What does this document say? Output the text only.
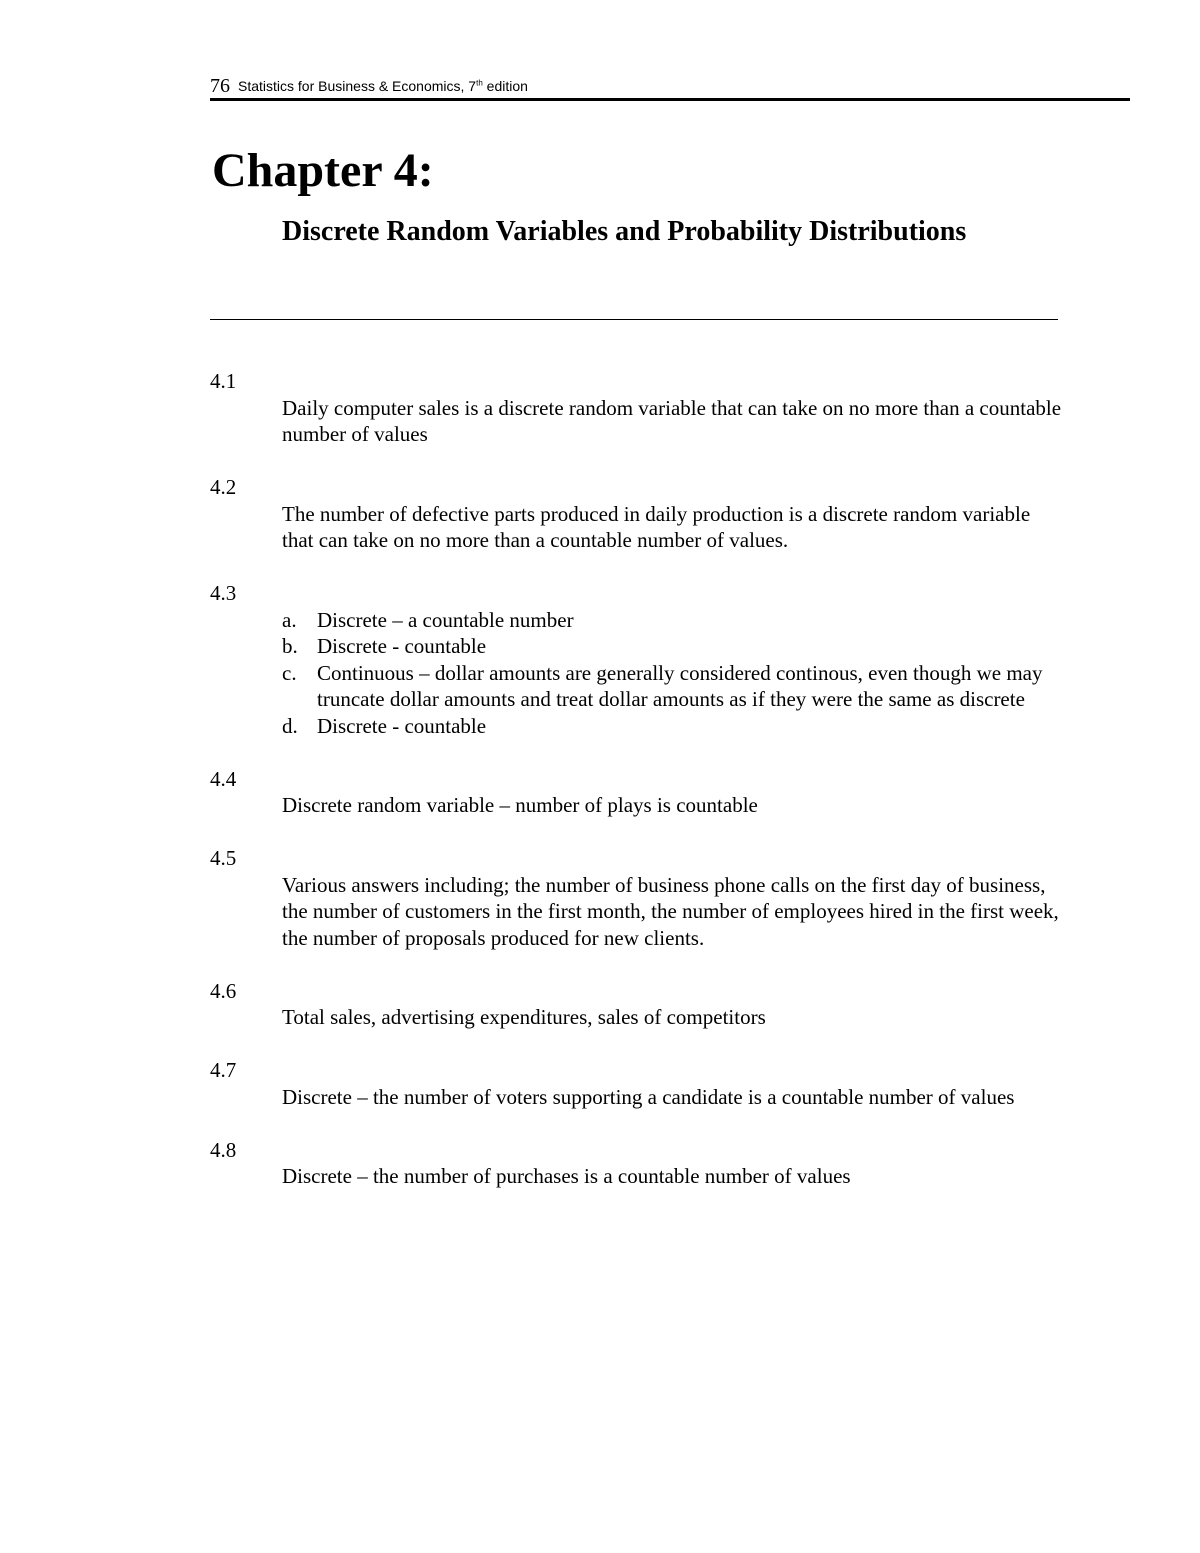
76 Statistics for Business & Economics, 7th edition
Chapter 4:
Discrete Random Variables and Probability Distributions
4.1
Daily computer sales is a discrete random variable that can take on no more than a countable number of values
4.2
The number of defective parts produced in daily production is a discrete random variable that can take on no more than a countable number of values.
4.3
a. Discrete – a countable number
b. Discrete - countable
c. Continuous – dollar amounts are generally considered continous, even though we may truncate dollar amounts and treat dollar amounts as if they were the same as discrete
d. Discrete - countable
4.4
Discrete random variable – number of plays is countable
4.5
Various answers including; the number of business phone calls on the first day of business, the number of customers in the first month, the number of employees hired in the first week, the number of proposals produced for new clients.
4.6
Total sales, advertising expenditures, sales of competitors
4.7
Discrete – the number of voters supporting a candidate is a countable number of values
4.8
Discrete – the number of purchases is a countable number of values
